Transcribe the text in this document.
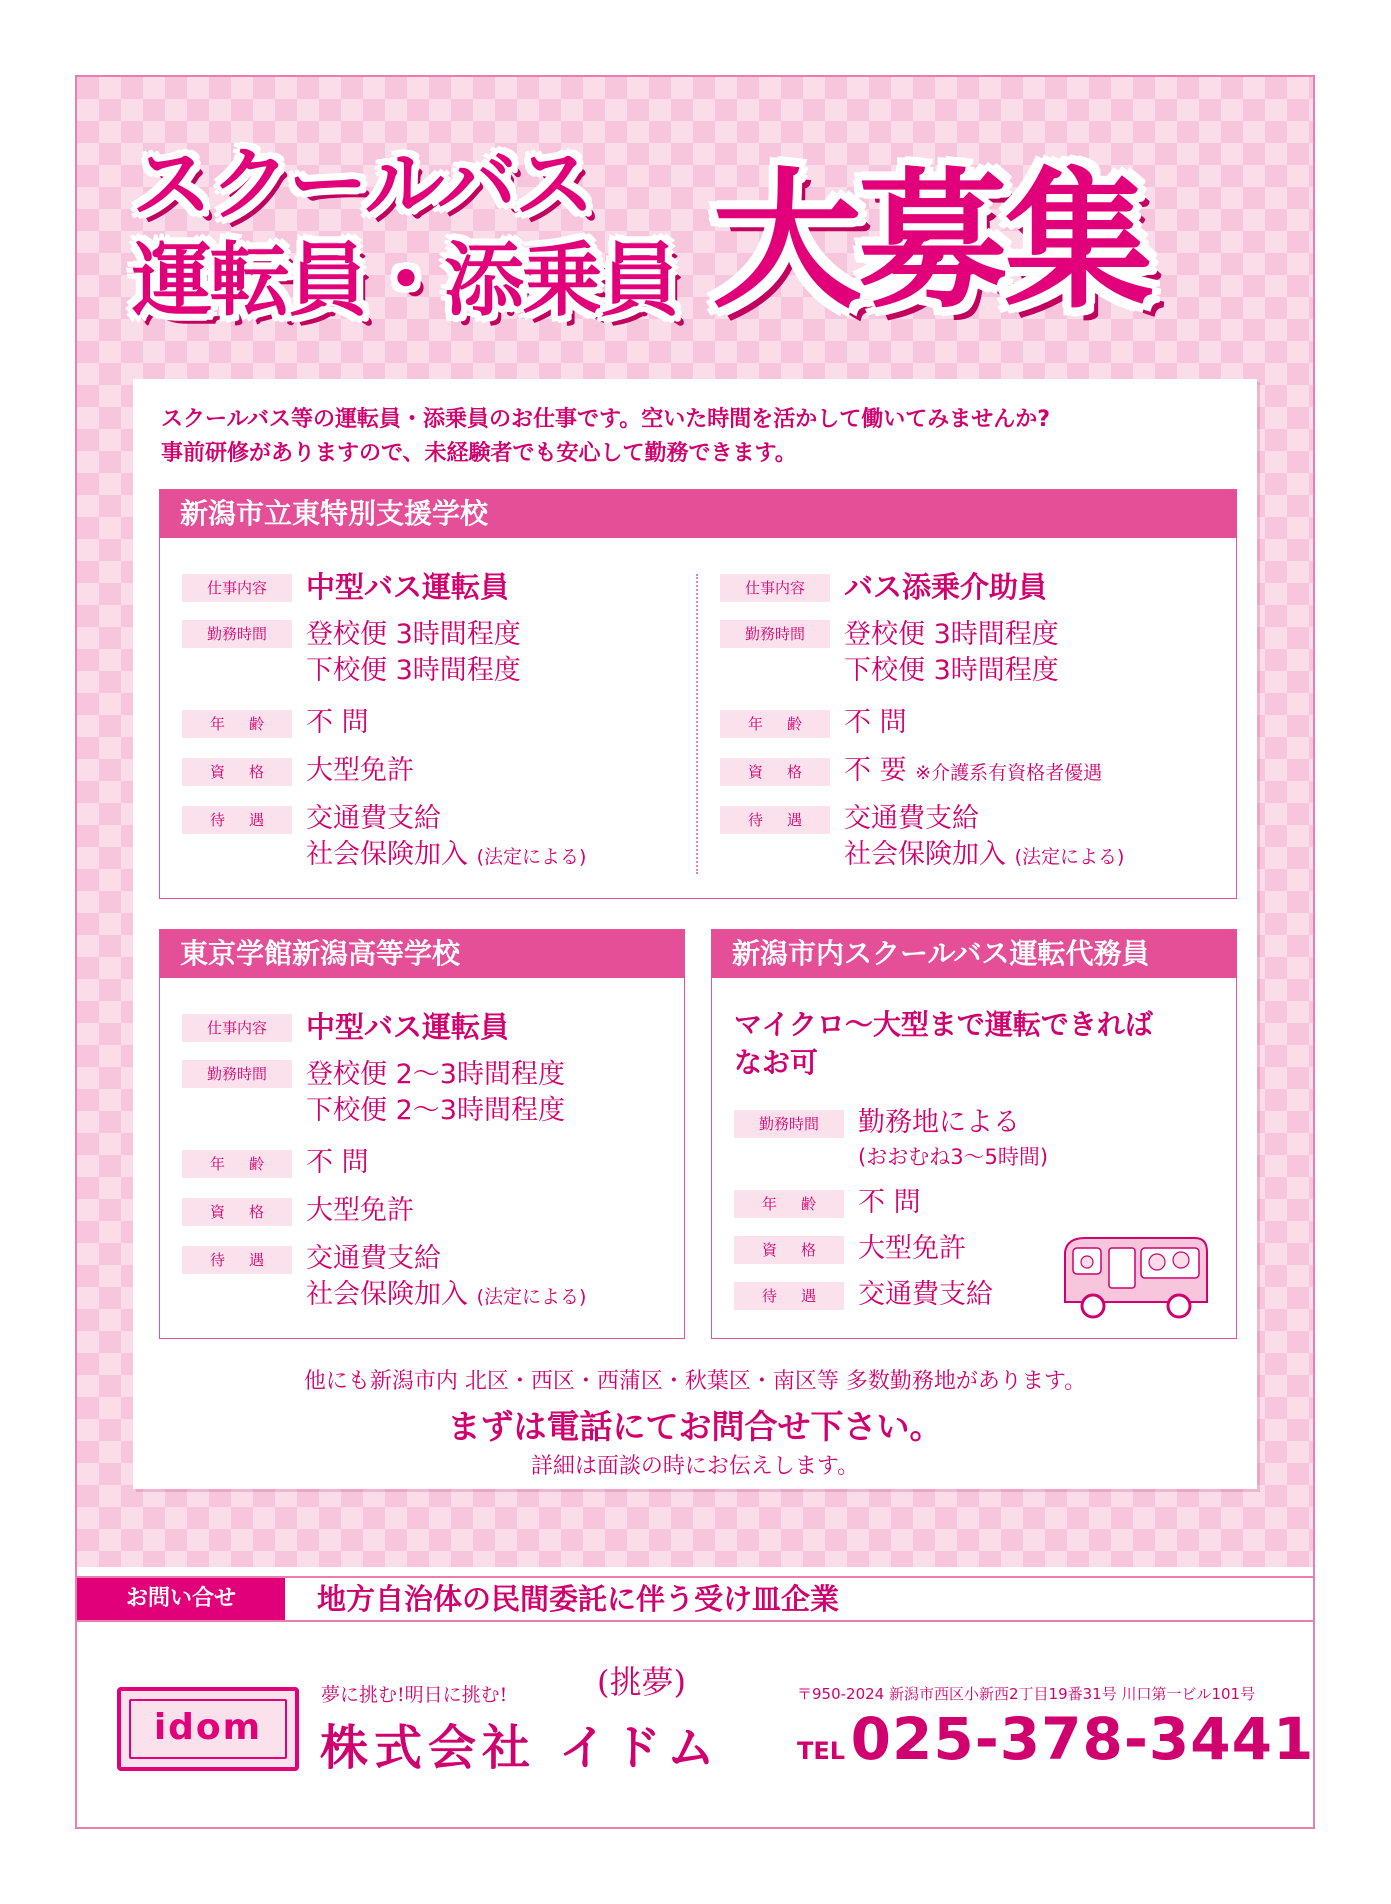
スクールバス
運転員・添乗員 大募集
スクールバス等の運転員・添乗員のお仕事です。空いた時間を活かして働いてみませんか?
事前研修がありますので、未経験者でも安心して勤務できます。
新潟市立東特別支援学校
仕事内容	中型バス運転員
勤務時間	登校便 3時間程度
下校便 3時間程度
年齢 不 問
資格 大型免許
待遇 交通費支給
社会保険加入 (法定による)
仕事内容	バス添乗介助員
勤務時間	登校便 3時間程度
下校便 3時間程度
年齢 不 問
資格 不 要 ※介護系有資格者優遇
待遇 交通費支給
社会保険加入 (法定による)
東京学館新潟高等学校
仕事内容	中型バス運転員
勤務時間	登校便 2〜3時間程度
下校便 2〜3時間程度
年齢 不 問
資格 大型免許
待遇 交通費支給
社会保険加入 (法定による)
新潟市内スクールバス運転代務員
マイクロ〜大型まで運転できれば
なお可
勤務時間	勤務地による
(おおむね3〜5時間)
年齢 不 問
資格 大型免許
待遇 交通費支給
他にも新潟市内 北区・西区・西蒲区・秋葉区・南区等 多数勤務地があります。
まずは電話にてお問合せ下さい。
詳細は面談の時にお伝えします。
お問い合せ	地方自治体の民間委託に伴う受け皿企業
idom
夢に挑む!明日に挑む!	(挑夢)
株式会社 イドム
〒950-2024 新潟市西区小新西2丁目19番31号 川口第一ビル101号
TEL 025-378-3441
